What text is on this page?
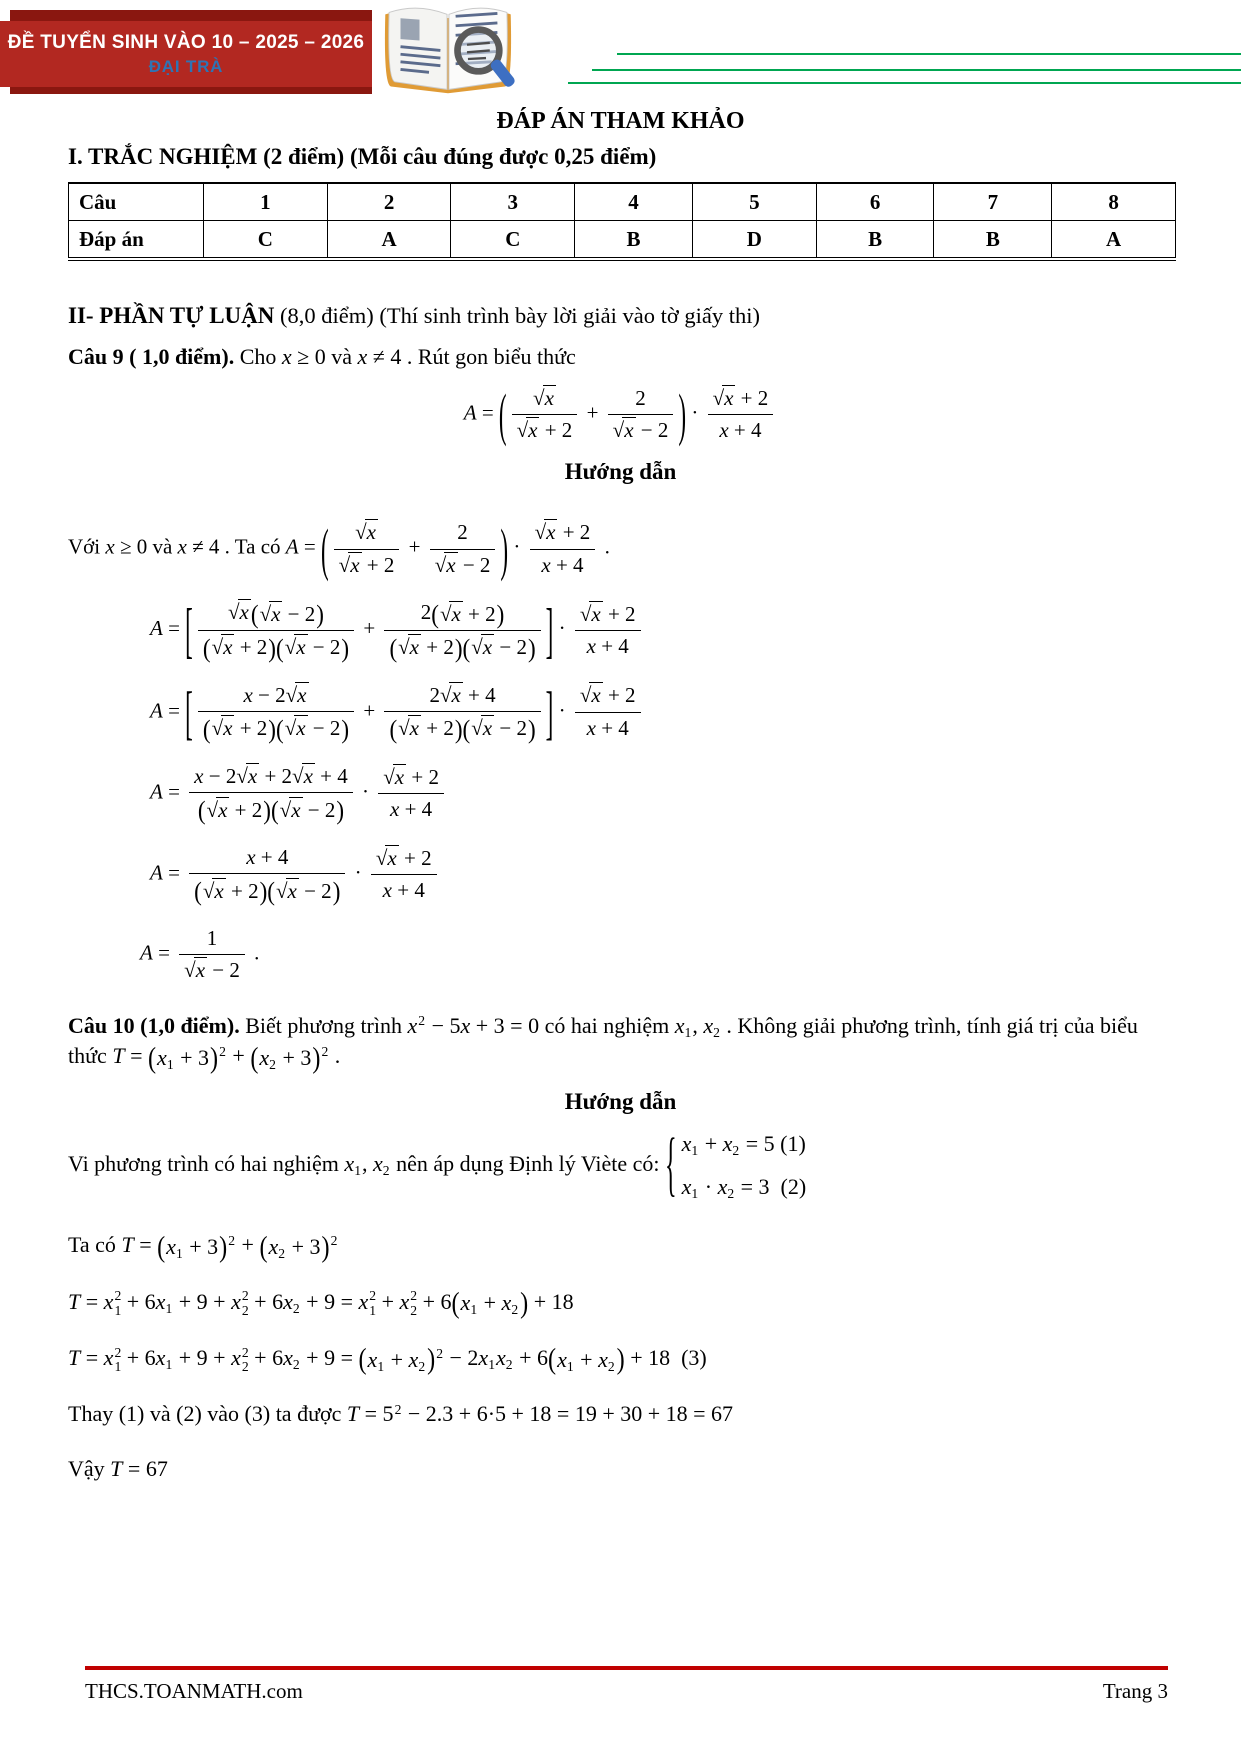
ĐỀ TUYỂN SINH VÀO 10 – 2025 – 2026
ĐẠI TRÀ
ĐÁP ÁN THAM KHẢO
I. TRẮC NGHIỆM (2 điểm) (Mỗi câu đúng được 0,25 điểm)
Câu	1	2	3	4	5	6	7	8
Đáp án	C	A	C	B	D	B	B	A
II- PHẦN TỰ LUẬN (8,0 điểm) (Thí sinh trình bày lời giải vào tờ giấy thi)
Câu 9 ( 1,0 điểm). Cho x ≥ 0 và x ≠ 4 . Rút gon biểu thức
A = ( $\frac{√x}{√x + 2} + \frac{2}{√x - 2}$ ) · $\frac{√x + 2}{x + 4}$
Hướng dẫn
Với x ≥ 0 và x ≠ 4 . Ta có A = ( $\frac{√x}{√x + 2} + \frac{2}{√x - 2}$ ) · $\frac{√x + 2}{x + 4}$ .
A = [ $\frac{√x ( √x - 2 )}{( √x + 2 ) ( √x - 2 )} + \frac{2 ( √x + 2 )}{( √x + 2 ) ( √x - 2 )}$ ] · $\frac{√x + 2}{x + 4}$
A = [ $\frac{x - 2√x}{( √x + 2 ) ( √x - 2 )} + \frac{2√x + 4}{( √x + 2 ) ( √x - 2 )}$ ] · $\frac{√x + 2}{x + 4}$
$A = \frac{x - 2√x + 2√x + 4}{( √x + 2 ) ( √x - 2 )} \cdot \frac{√x + 2}{x + 4}$
$A = \frac{x + 4}{( √x + 2 ) ( √x - 2 )} \cdot \frac{√x + 2}{x + 4}$
$A = \frac{1}{√x - 2}$ .
Câu 10 (1,0 điểm). Biết phương trình $x^2 - 5x + 3 = 0$ có hai nghiệm x1, x2 . Không giải phương trình, tính giá trị của biểu thức T = ( x1 + 3 ) $^2$ + ( x2 + 3 ) $^2$ .
Hướng dẫn
Vi phương trình có hai nghiệm x1, x2 nên áp dụng Định lý Viète có: { x1 + x2 = 5 (1)
x1 · x2 = 3  (2)
Ta có T = ( x1 + 3 ) $^2$ + ( x2 + 3 ) $^2$
T = x 2
1 + 6x1 + 9 + x 2
2 + 6x2 + 9 = x 2
1 + x 2
2 + 6 ( x1 + x2 ) + 18
T = x 2
1 + 6x1 + 9 + x 2
2 + 6x2 + 9 = ( x1 + x2 ) $^2$ − 2x1x2 + 6 ( x1 + x2 ) + 18  (3)
Thay (1) và (2) vào (3) ta được $T = 5^2 - 2.3 + 6\cdot 5 + 18 = 19 + 30 + 18 = 67$
Vậy T = 67
THCS.TOANMATH.com	Trang 3
